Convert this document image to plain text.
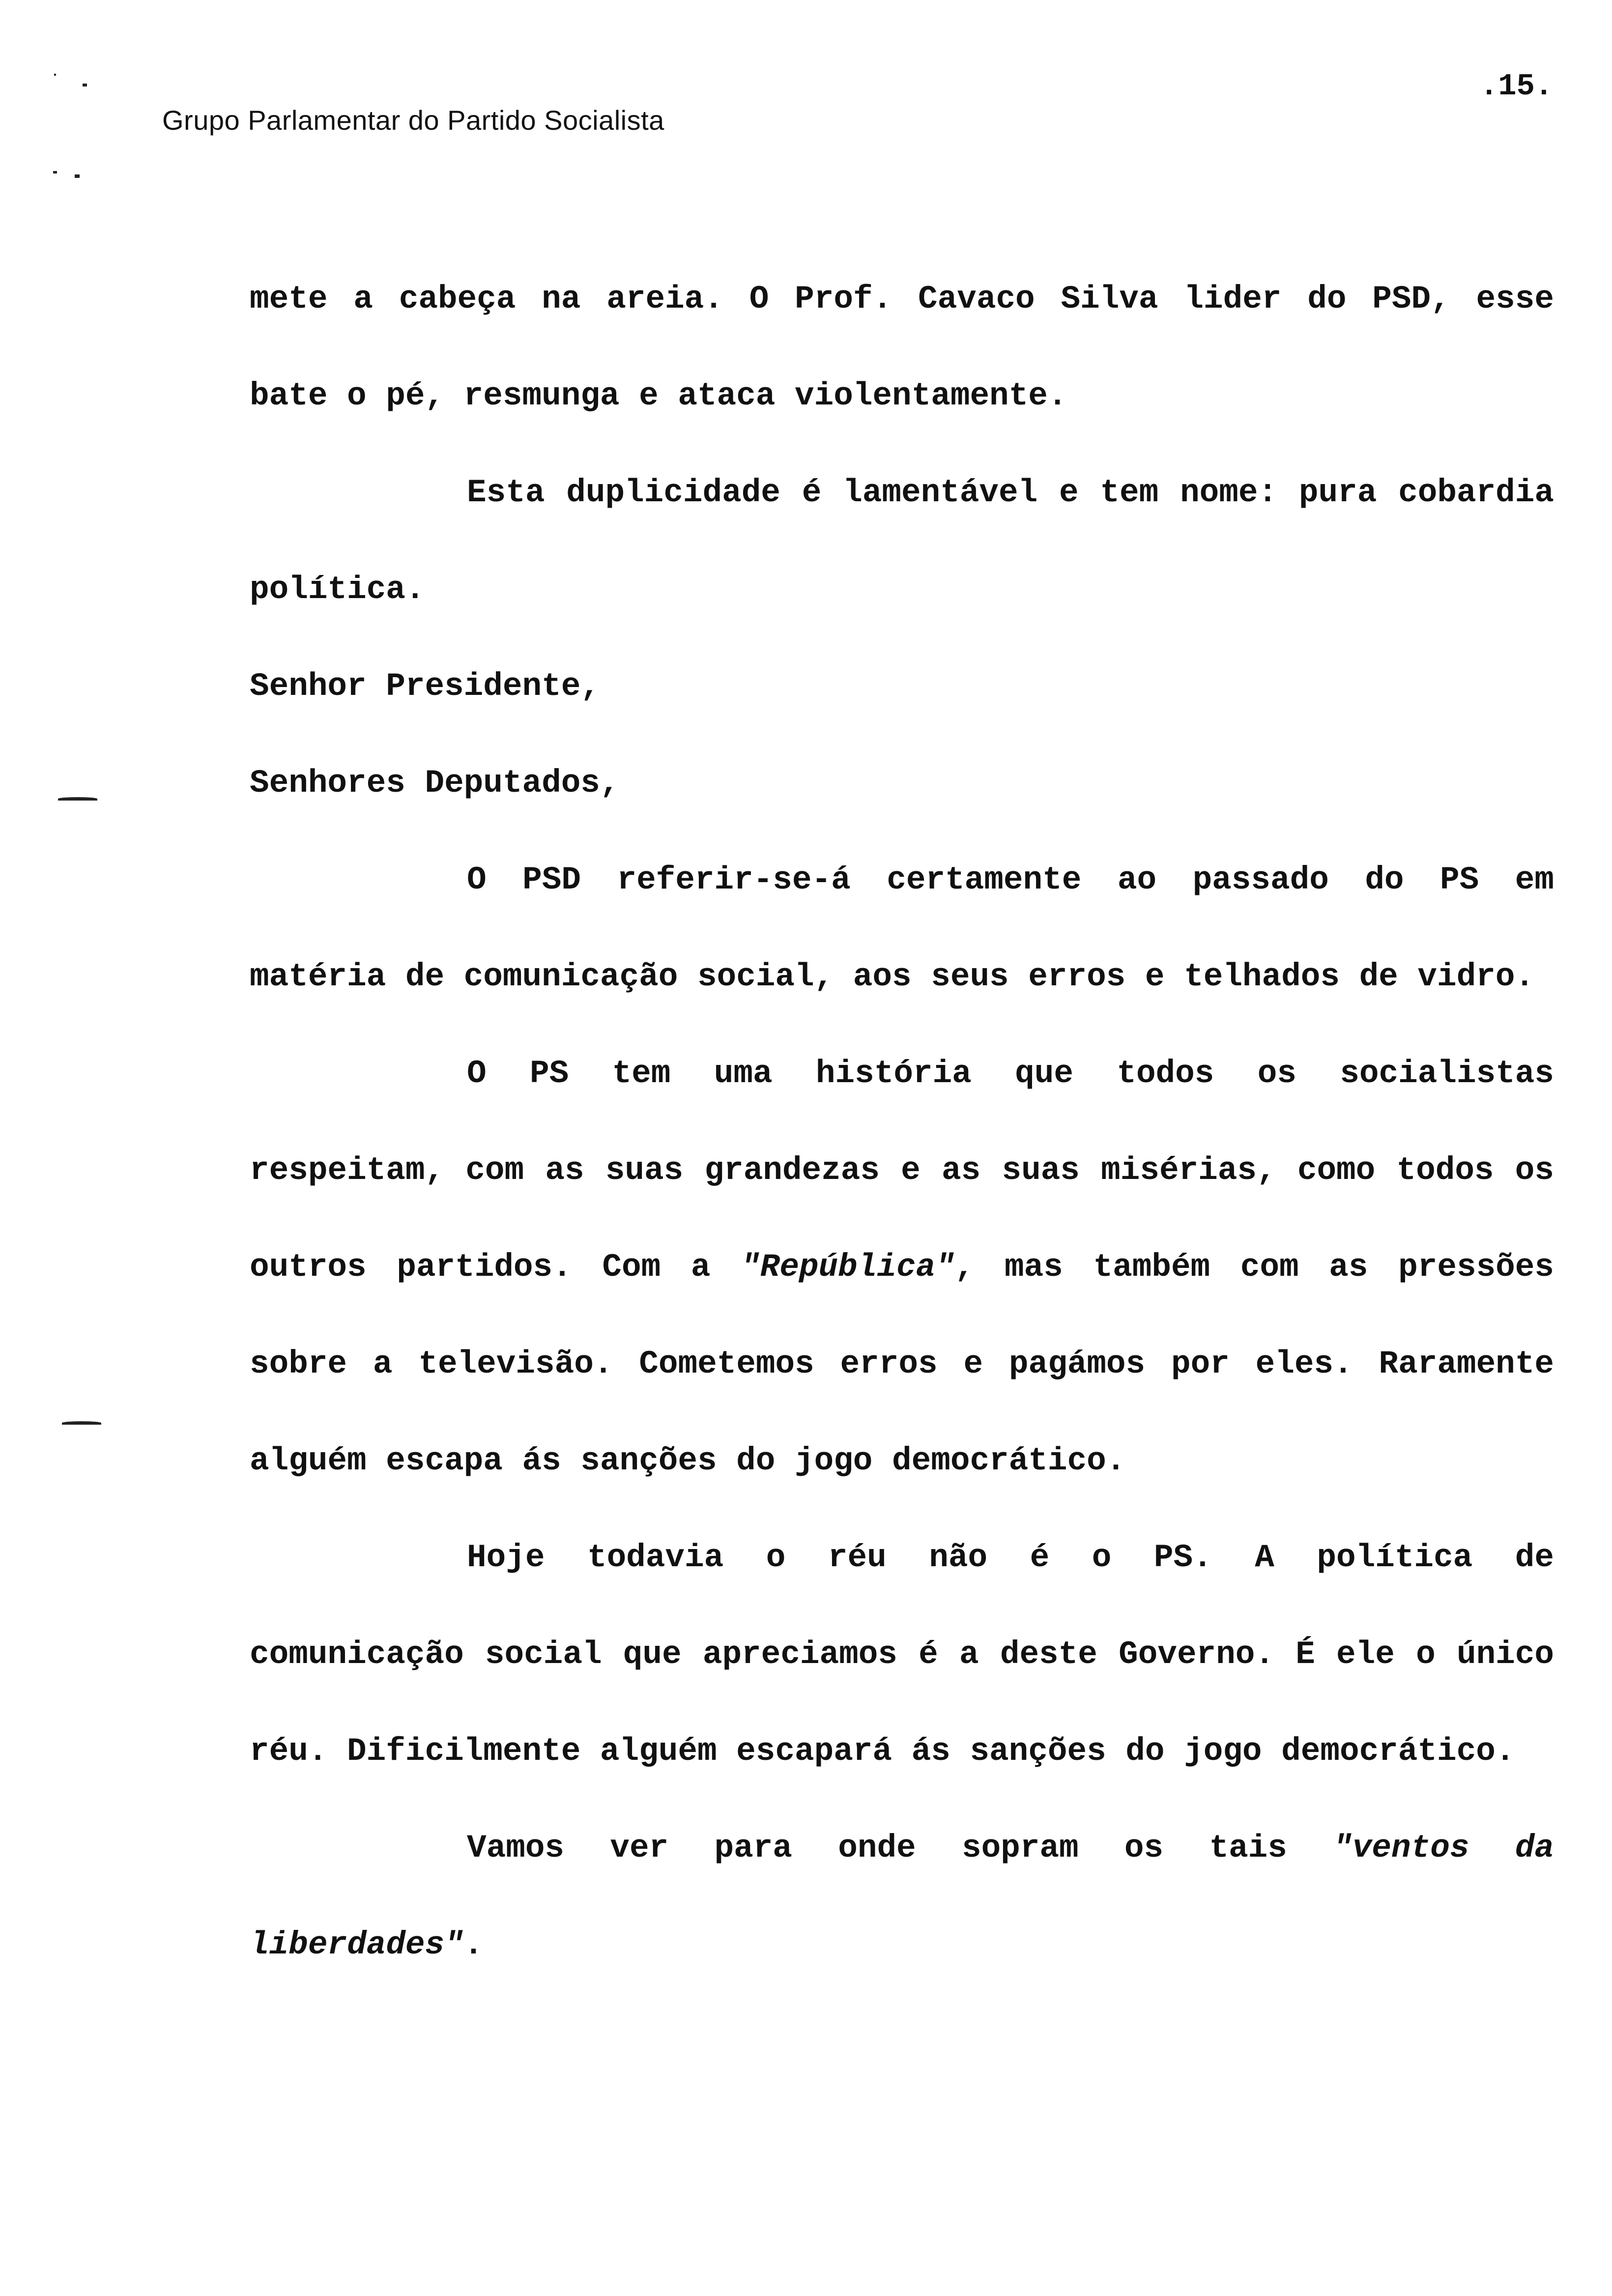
Grupo Parlamentar do Partido Socialista
.15.

mete a cabeça na areia. O Prof. Cavaco Silva lider do PSD, esse bate o pé, resmunga e ataca violentamente.

Esta duplicidade é lamentável e tem nome: pura cobardia política.

Senhor Presidente,

Senhores Deputados,

O PSD referir-se-á certamente ao passado do PS em matéria de comunicação social, aos seus erros e telhados de vidro.

O PS tem uma história que todos os socialistas respeitam, com as suas grandezas e as suas misérias, como todos os outros partidos. Com a "República", mas também com as pressões sobre a televisão. Cometemos erros e pagámos por eles. Raramente alguém escapa ás sanções do jogo democrático.

Hoje todavia o réu não é o PS. A política de comunicação social que apreciamos é a deste Governo. É ele o único réu. Dificilmente alguém escapará ás sanções do jogo democrático.

Vamos ver para onde sopram os tais "ventos da liberdades".
